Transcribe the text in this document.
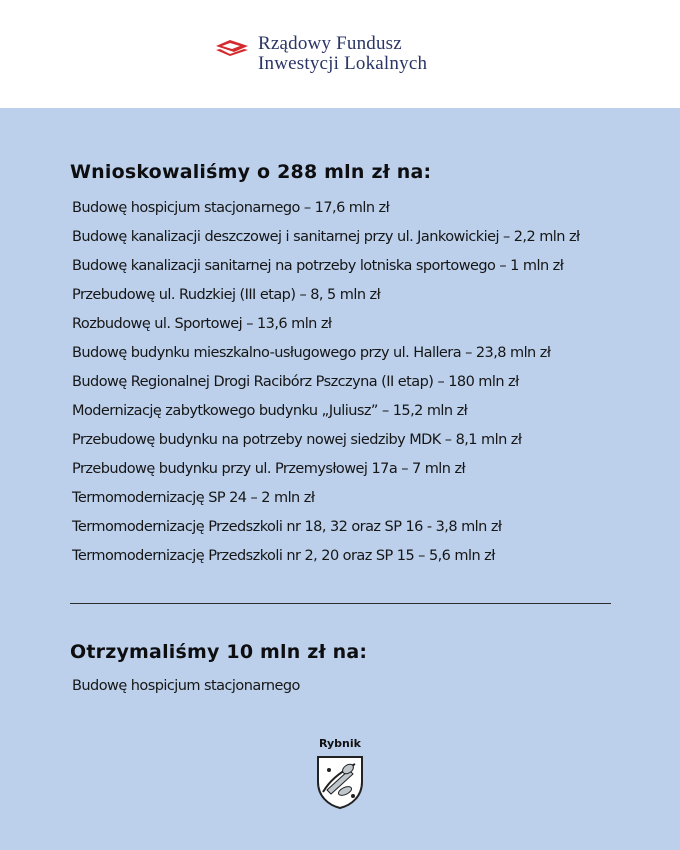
Rządowy Fundusz
Inwestycji Lokalnych
Wnioskowaliśmy o 288 mln zł na:
Budowę hospicjum stacjonarnego – 17,6 mln zł
Budowę kanalizacji deszczowej i sanitarnej przy ul. Jankowickiej – 2,2 mln zł
Budowę kanalizacji sanitarnej na potrzeby lotniska sportowego – 1 mln zł
Przebudowę ul. Rudzkiej (III etap) – 8, 5 mln zł
Rozbudowę ul. Sportowej – 13,6 mln zł
Budowę budynku mieszkalno-usługowego przy ul. Hallera – 23,8 mln zł
Budowę Regionalnej Drogi Racibórz Pszczyna (II etap) – 180 mln zł
Modernizację zabytkowego budynku „Juliusz” – 15,2 mln zł
Przebudowę budynku na potrzeby nowej siedziby MDK – 8,1 mln zł
Przebudowę budynku przy ul. Przemysłowej 17a – 7 mln zł
Termomodernizację SP 24 – 2 mln zł
Termomodernizację Przedszkoli nr 18, 32 oraz SP 16 - 3,8 mln zł
Termomodernizację Przedszkoli nr 2, 20 oraz SP 15 – 5,6 mln zł
Otrzymaliśmy 10 mln zł na:
Budowę hospicjum stacjonarnego
Rybnik
